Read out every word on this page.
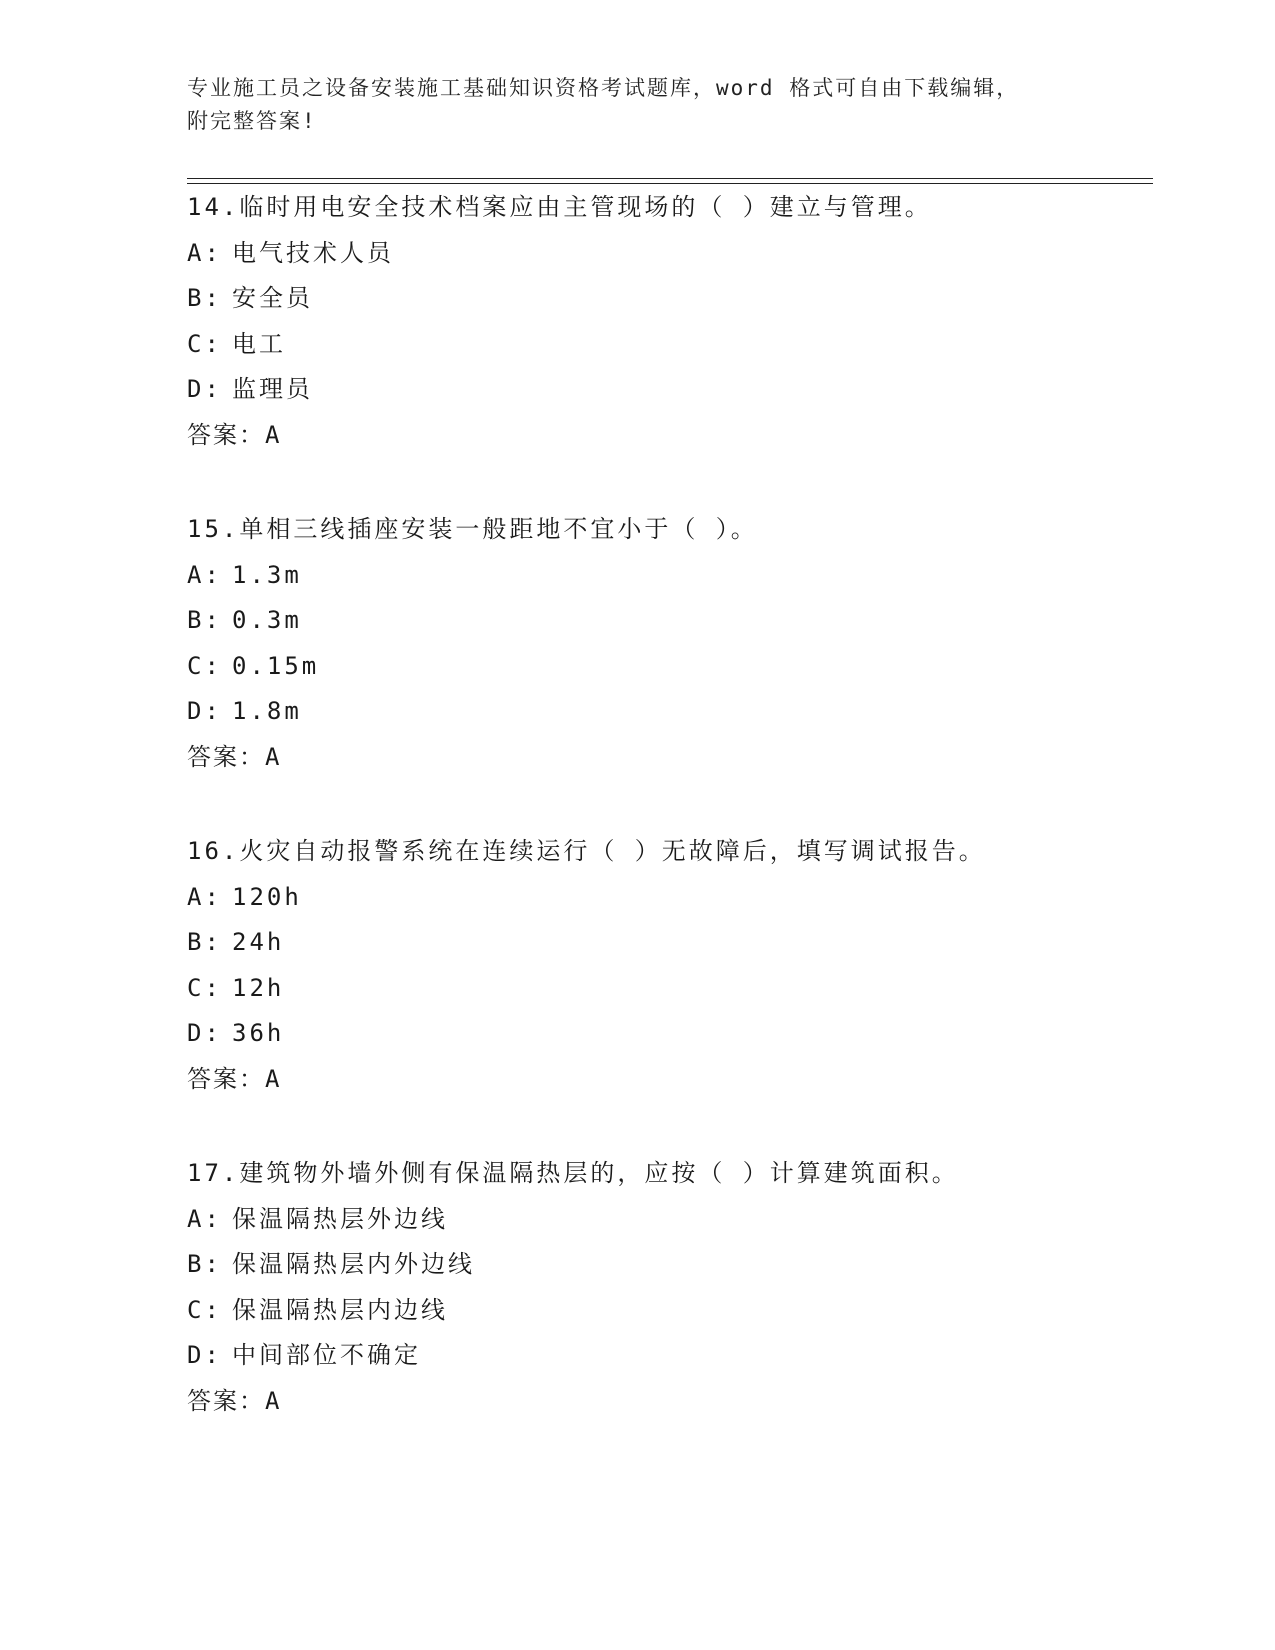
专业施工员之设备安装施工基础知识资格考试题库，word 格式可自由下载编辑，
附完整答案!
14.临时用电安全技术档案应由主管现场的（ ）建立与管理。
A: 电气技术人员
B: 安全员
C: 电工
D: 监理员
答案：A
15.单相三线插座安装一般距地不宜小于（ ）。
A: 1.3m
B: 0.3m
C: 0.15m
D: 1.8m
答案：A
16.火灾自动报警系统在连续运行（ ）无故障后，填写调试报告。
A: 120h
B: 24h
C: 12h
D: 36h
答案：A
17.建筑物外墙外侧有保温隔热层的，应按（ ）计算建筑面积。
A: 保温隔热层外边线
B: 保温隔热层内外边线
C: 保温隔热层内边线
D: 中间部位不确定
答案：A
